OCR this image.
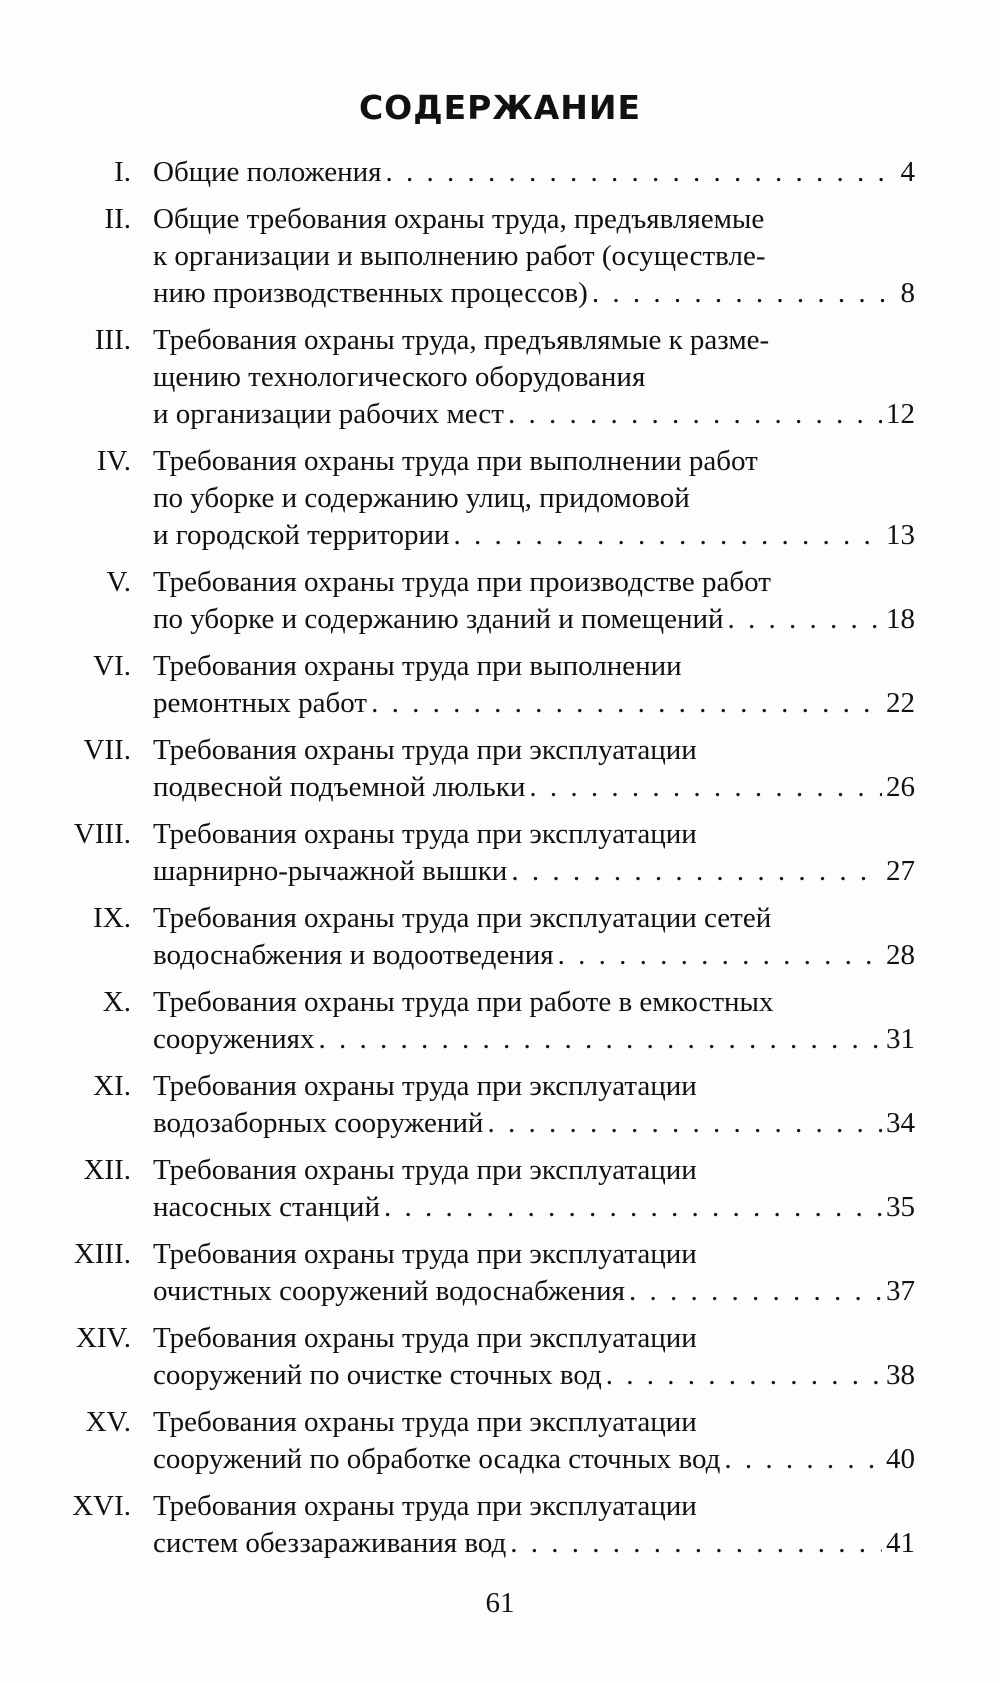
СОДЕРЖАНИЕ
I. Общие положения . . .	4
II. Общие требования охраны труда, предъявляемые
к организации и выполнению работ (осуществле-
нию производственных процессов) . . .	8
III. Требования охраны труда, предъявлямые к разме-
щению технологического оборудования
и организации рабочих мест . . .	12
IV. Требования охраны труда при выполнении работ
по уборке и содержанию улиц, придомовой
и городской территории . . .	13
V. Требования охраны труда при производстве работ
по уборке и содержанию зданий и помещений . . .	18
VI. Требования охраны труда при выполнении
ремонтных работ . . .	22
VII. Требования охраны труда при эксплуатации
подвесной подъемной люльки . . .	26
VIII. Требования охраны труда при эксплуатации
шарнирно-рычажной вышки . . .	27
IX. Требования охраны труда при эксплуатации сетей
водоснабжения и водоотведения . . .	28
X. Требования охраны труда при работе в емкостных
сооружениях . . .	31
XI. Требования охраны труда при эксплуатации
водозаборных сооружений . . .	34
XII. Требования охраны труда при эксплуатации
насосных станций . . .	35
XIII. Требования охраны труда при эксплуатации
очистных сооружений водоснабжения . . .	37
XIV. Требования охраны труда при эксплуатации
сооружений по очистке сточных вод . . .	38
XV. Требования охраны труда при эксплуатации
сооружений по обработке осадка сточных вод . . .	40
XVI. Требования охраны труда при эксплуатации
систем обеззараживания вод . . .	41
61
